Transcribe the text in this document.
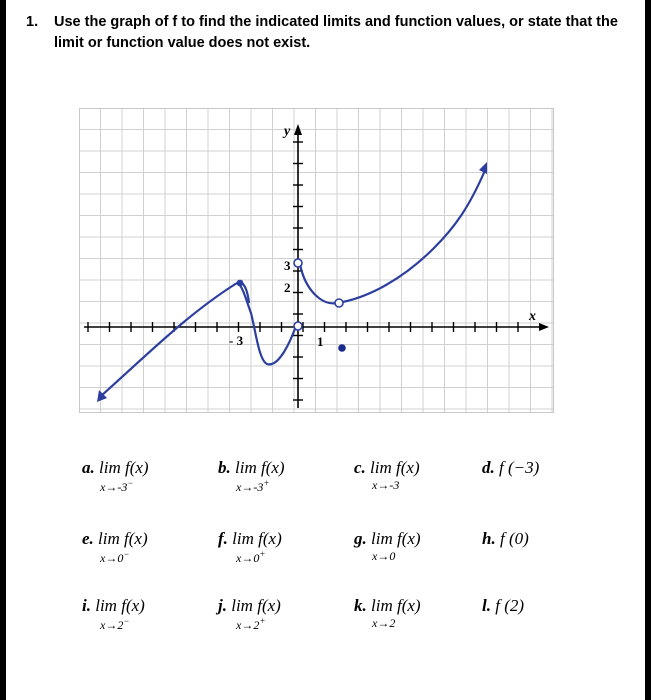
1. Use the graph of f to find the indicated limits and function values, or state that the limit or function value does not exist.
y
x
3
2
- 3	1
a. lim f(x)
x→-3−
b. lim f(x)
x→-3+
c. lim f(x)
x→-3
d. f (−3)
e. lim f(x)
x→0−
f. lim f(x)
x→0+
g. lim f(x)
x→0
h. f (0)
i. lim f(x)
x→2−
j. lim f(x)
x→2+
k. lim f(x)
x→2
l. f (2)
